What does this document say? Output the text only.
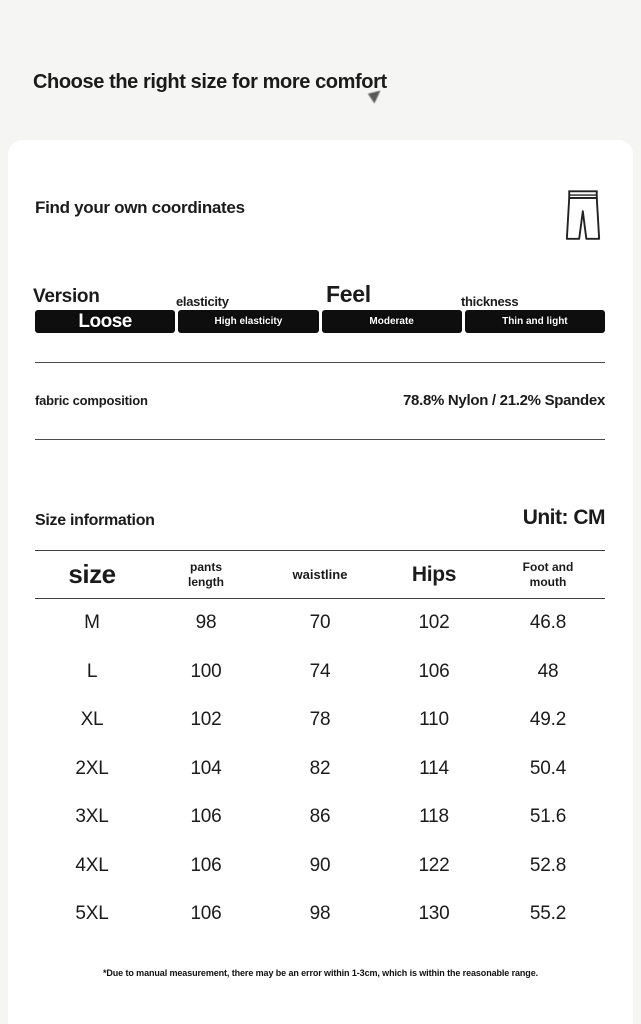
Choose the right size for more comfort
Find your own coordinates
Version	elasticity	Feel	thickness
Loose	High elasticity	Moderate	Thin and light
fabric composition	78.8% Nylon / 21.2% Spandex
Size information	Unit: CM
size	pants length	waistline	Hips	Foot and mouth
M	98	70	102	46.8
L	100	74	106	48
XL	102	78	110	49.2
2XL	104	82	114	50.4
3XL	106	86	118	51.6
4XL	106	90	122	52.8
5XL	106	98	130	55.2
*Due to manual measurement, there may be an error within 1-3cm, which is within the reasonable range.
